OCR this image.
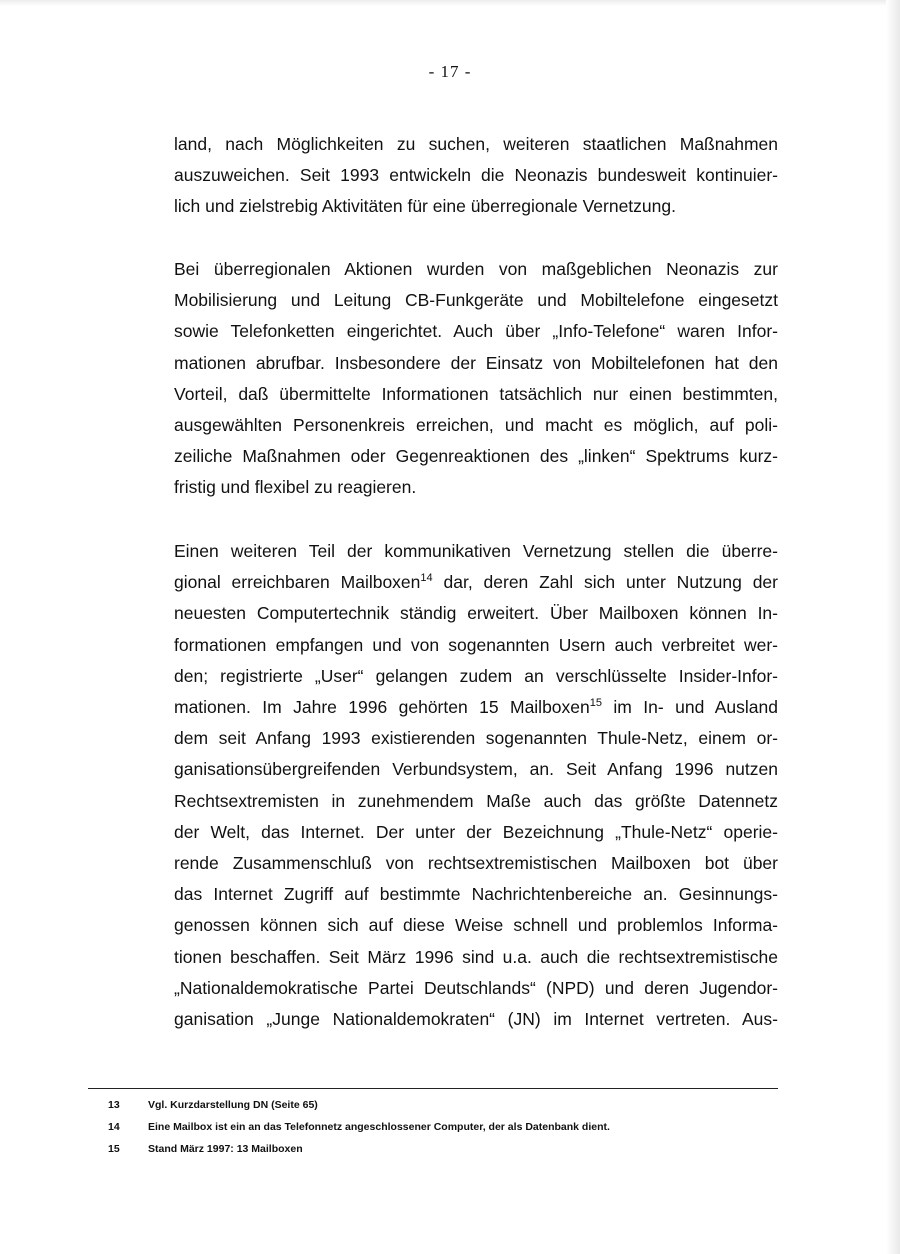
- 17 -

land, nach Möglichkeiten zu suchen, weiteren staatlichen Maßnahmen
auszuweichen. Seit 1993 entwickeln die Neonazis bundesweit kontinuier-
lich und zielstrebig Aktivitäten für eine überregionale Vernetzung.

Bei überregionalen Aktionen wurden von maßgeblichen Neonazis zur
Mobilisierung und Leitung CB-Funkgeräte und Mobiltelefone eingesetzt
sowie Telefonketten eingerichtet. Auch über „Info-Telefone“ waren Infor-
mationen abrufbar. Insbesondere der Einsatz von Mobiltelefonen hat den
Vorteil, daß übermittelte Informationen tatsächlich nur einen bestimmten,
ausgewählten Personenkreis erreichen, und macht es möglich, auf poli-
zeiliche Maßnahmen oder Gegenreaktionen des „linken“ Spektrums kurz-
fristig und flexibel zu reagieren.

Einen weiteren Teil der kommunikativen Vernetzung stellen die überre-
gional erreichbaren Mailboxen$^{14}$ dar, deren Zahl sich unter Nutzung der
neuesten Computertechnik ständig erweitert. Über Mailboxen können In-
formationen empfangen und von sogenannten Usern auch verbreitet wer-
den; registrierte „User“ gelangen zudem an verschlüsselte Insider-Infor-
mationen. Im Jahre 1996 gehörten 15 Mailboxen$^{15}$ im In- und Ausland
dem seit Anfang 1993 existierenden sogenannten Thule-Netz, einem or-
ganisationsübergreifenden Verbundsystem, an. Seit Anfang 1996 nutzen
Rechtsextremisten in zunehmendem Maße auch das größte Datennetz
der Welt, das Internet. Der unter der Bezeichnung „Thule-Netz“ operie-
rende Zusammenschluß von rechtsextremistischen Mailboxen bot über
das Internet Zugriff auf bestimmte Nachrichtenbereiche an. Gesinnungs-
genossen können sich auf diese Weise schnell und problemlos Informa-
tionen beschaffen. Seit März 1996 sind u.a. auch die rechtsextremistische
„Nationaldemokratische Partei Deutschlands“ (NPD) und deren Jugendor-
ganisation „Junge Nationaldemokraten“ (JN) im Internet vertreten. Aus-

13	Vgl. Kurzdarstellung DN (Seite 65)
14	Eine Mailbox ist ein an das Telefonnetz angeschlossener Computer, der als Datenbank dient.
15	Stand März 1997: 13 Mailboxen
